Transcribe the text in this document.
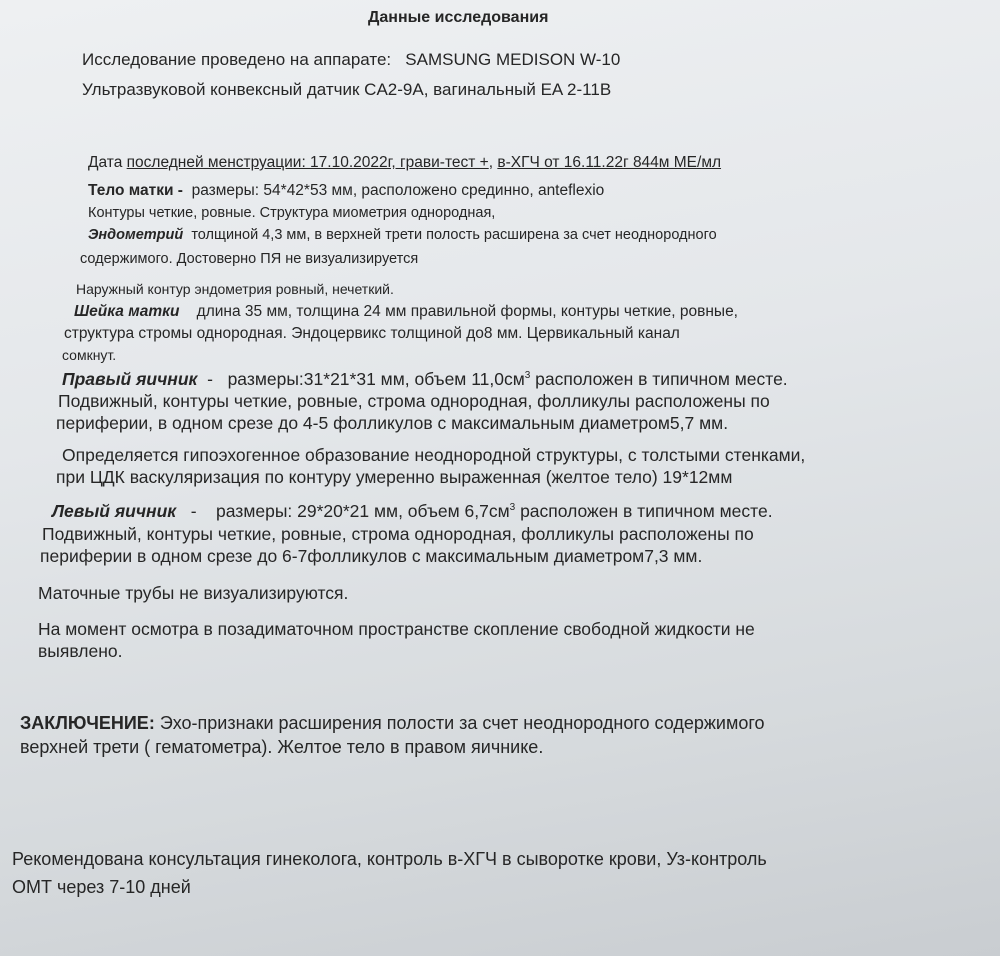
Данные исследования
Исследование проведено на аппарате: SAMSUNG MEDISON W-10
Ультразвуковой конвексный датчик CA2-9A, вагинальный EA 2-11B
Дата последней менструации: 17.10.2022г, грави-тест +, в-ХГЧ от 16.11.22г 844м МЕ/мл
Тело матки - размеры: 54*42*53 мм, расположено срединно, anteflexio
Контуры четкие, ровные. Структура миометрия однородная,
Эндометрий толщиной 4,3 мм, в верхней трети полость расширена за счет неоднородного
содержимого. Достоверно ПЯ не визуализируется
Наружный контур эндометрия ровный, нечеткий.
Шейка матки длина 35 мм, толщина 24 мм правильной формы, контуры четкие, ровные,
структура стромы однородная. Эндоцервикс толщиной до8 мм. Цервикальный канал
сомкнут.
Правый яичник - размеры:31*21*31 мм, объем $11,0см^3$ расположен в типичном месте.
Подвижный, контуры четкие, ровные, строма однородная, фолликулы расположены по
периферии, в одном срезе до 4-5 фолликулов с максимальным диаметром5,7 мм.
Определяется гипоэхогенное образование неоднородной структуры, с толстыми стенками,
при ЦДК васкуляризация по контуру умеренно выраженная (желтое тело) 19*12мм
Левый яичник - размеры: 29*20*21 мм, объем $6,7см^3$ расположен в типичном месте.
Подвижный, контуры четкие, ровные, строма однородная, фолликулы расположены по
периферии в одном срезе до 6-7фолликулов с максимальным диаметром7,3 мм.
Маточные трубы не визуализируются.
На момент осмотра в позадиматочном пространстве скопление свободной жидкости не
выявлено.
ЗАКЛЮЧЕНИЕ: Эхо-признаки расширения полости за счет неоднородного содержимого
верхней трети ( гематометра). Желтое тело в правом яичнике.
Рекомендована консультация гинеколога, контроль в-ХГЧ в сыворотке крови, Уз-контроль
ОМТ через 7-10 дней
